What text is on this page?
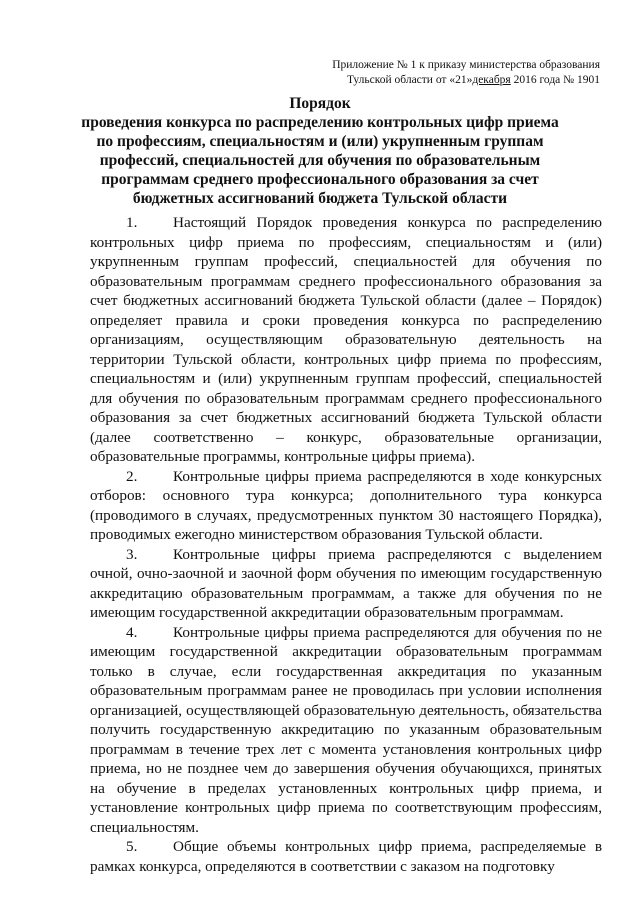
Приложение № 1 к приказу министерства образования
Тульской области от «21»декабря 2016 года № 1901
Порядок
проведения конкурса по распределению контрольных цифр приема по профессиям, специальностям и (или) укрупненным группам профессий, специальностей для обучения по образовательным программам среднего профессионального образования за счет бюджетных ассигнований бюджета Тульской области

1. Настоящий Порядок проведения конкурса по распределению контрольных цифр приема по профессиям, специальностям и (или) укрупненным группам профессий, специальностей для обучения по образовательным программам среднего профессионального образования за счет бюджетных ассигнований бюджета Тульской области (далее – Порядок) определяет правила и сроки проведения конкурса по распределению организациям, осуществляющим образовательную деятельность на территории Тульской области, контрольных цифр приема по профессиям, специальностям и (или) укрупненным группам профессий, специальностей для обучения по образовательным программам среднего профессионального образования за счет бюджетных ассигнований бюджета Тульской области (далее соответственно – конкурс, образовательные организации, образовательные программы, контрольные цифры приема).

2. Контрольные цифры приема распределяются в ходе конкурсных отборов: основного тура конкурса; дополнительного тура конкурса (проводимого в случаях, предусмотренных пунктом 30 настоящего Порядка), проводимых ежегодно министерством образования Тульской области.

3. Контрольные цифры приема распределяются с выделением очной, очно-заочной и заочной форм обучения по имеющим государственную аккредитацию образовательным программам, а также для обучения по не имеющим государственной аккредитации образовательным программам.

4. Контрольные цифры приема распределяются для обучения по не имеющим государственной аккредитации образовательным программам только в случае, если государственная аккредитация по указанным образовательным программам ранее не проводилась при условии исполнения организацией, осуществляющей образовательную деятельность, обязательства получить государственную аккредитацию по указанным образовательным программам в течение трех лет с момента установления контрольных цифр приема, но не позднее чем до завершения обучения обучающихся, принятых на обучение в пределах установленных контрольных цифр приема, и установление контрольных цифр приема по соответствующим профессиям, специальностям.

5. Общие объемы контрольных цифр приема, распределяемые в рамках конкурса, определяются в соответствии с заказом на подготовку
